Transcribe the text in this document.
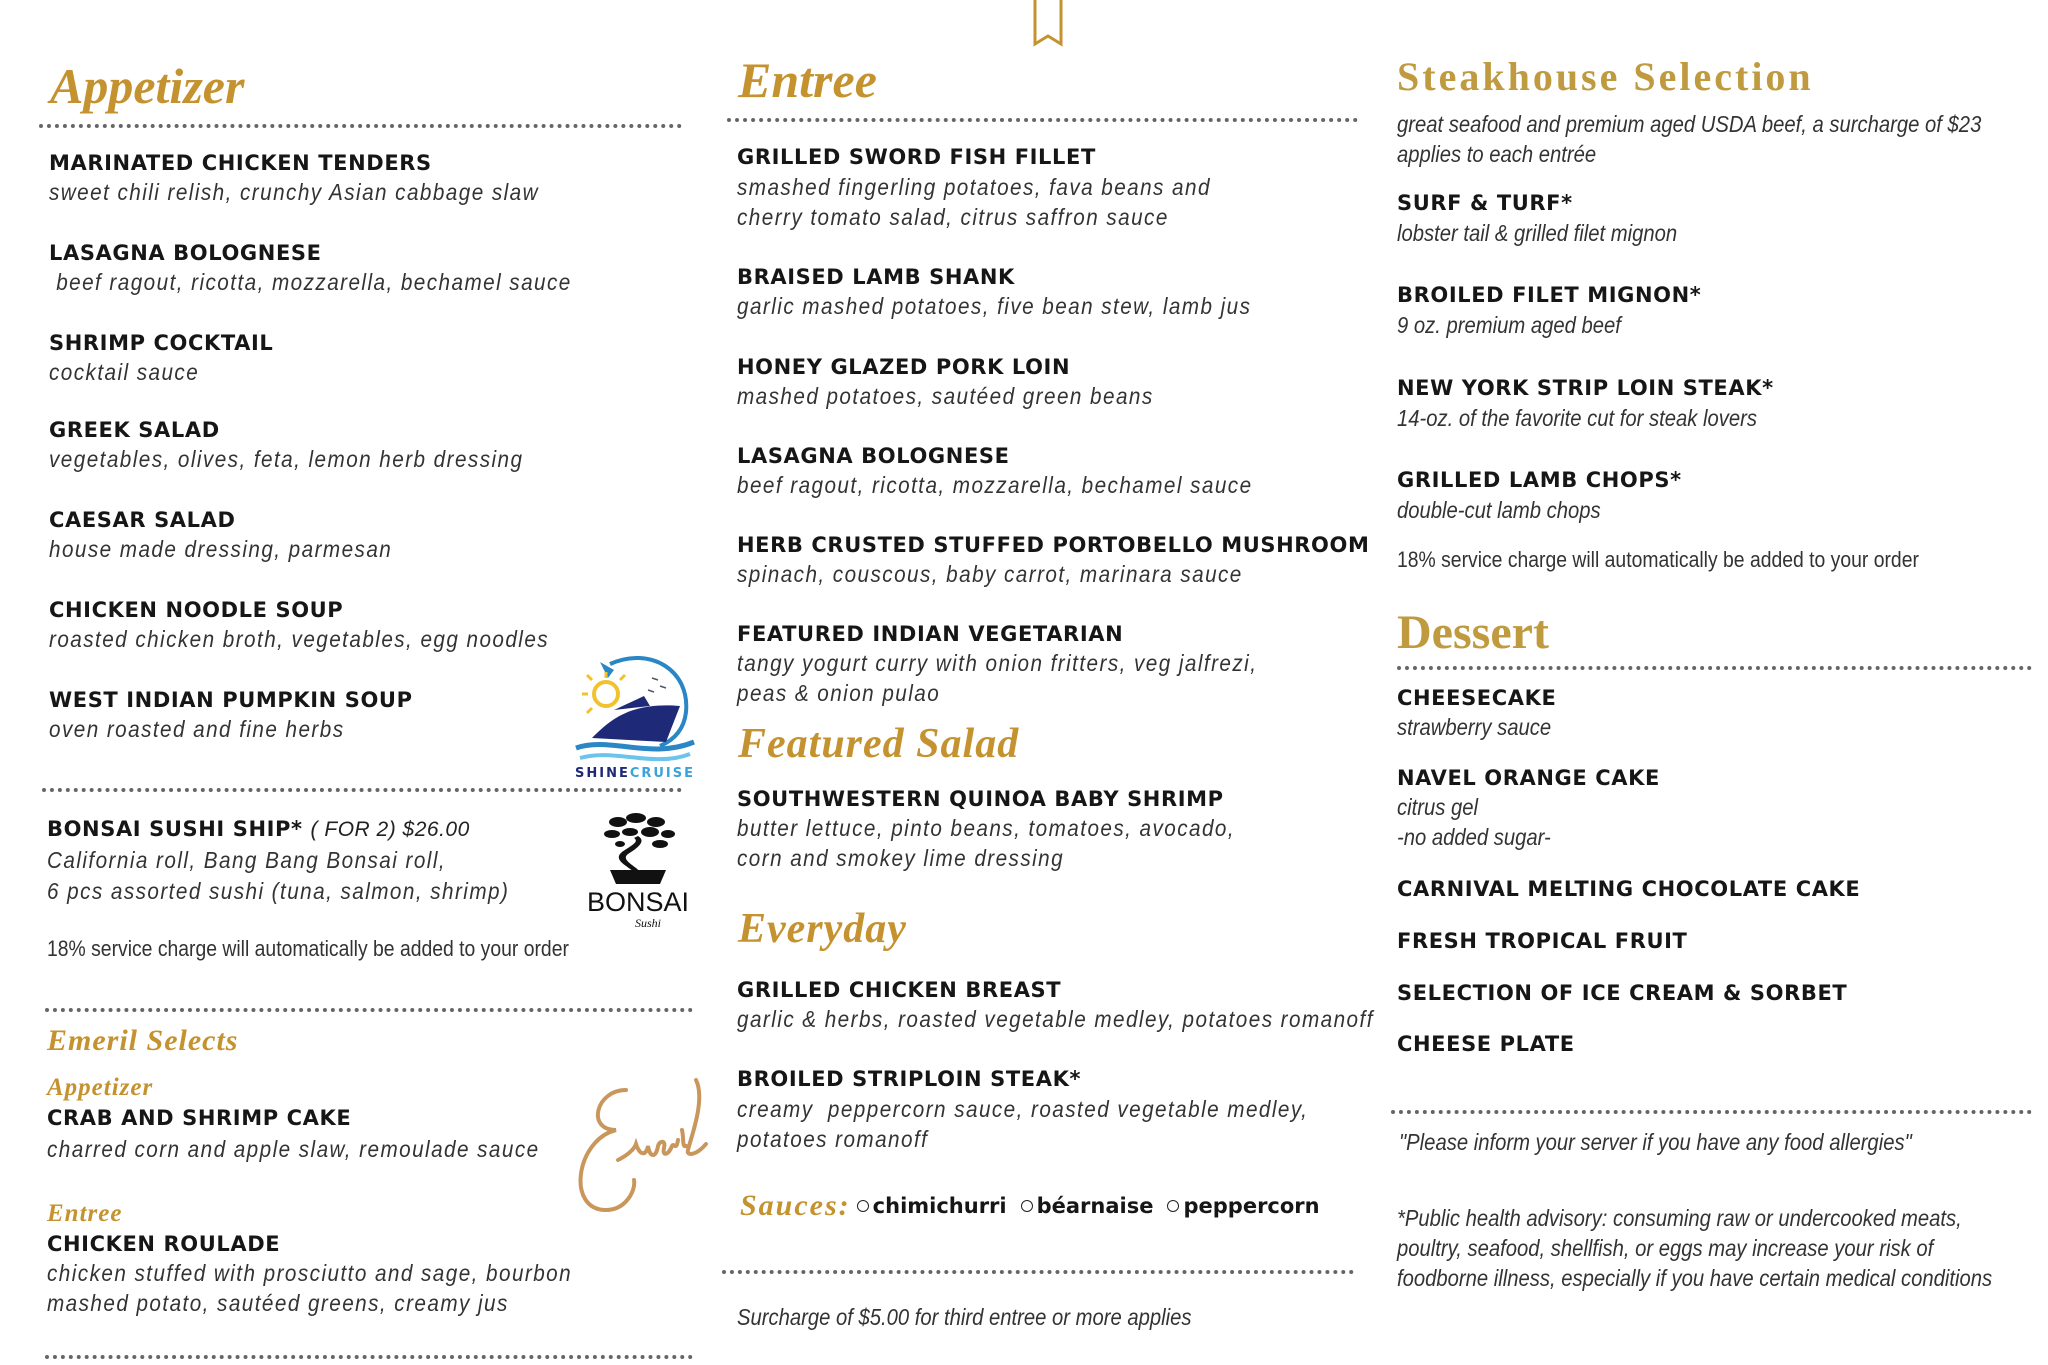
Appetizer
MARINATED CHICKEN TENDERS
sweet chili relish, crunchy Asian cabbage slaw
LASAGNA BOLOGNESE
beef ragout, ricotta, mozzarella, bechamel sauce
SHRIMP COCKTAIL
cocktail sauce
GREEK SALAD
vegetables, olives, feta, lemon herb dressing
CAESAR SALAD
house made dressing, parmesan
CHICKEN NOODLE SOUP
roasted chicken broth, vegetables, egg noodles
WEST INDIAN PUMPKIN SOUP
oven roasted and fine herbs
SHINECRUISE
BONSAI SUSHI SHIP* ( FOR 2) $26.00
California roll, Bang Bang Bonsai roll,
6 pcs assorted sushi (tuna, salmon, shrimp)
18% service charge will automatically be added to your order
BONSAI
Sushi
Emeril Selects
Appetizer
CRAB AND SHRIMP CAKE
charred corn and apple slaw, remoulade sauce
Entree
CHICKEN ROULADE
chicken stuffed with prosciutto and sage, bourbon
mashed potato, sautéed greens, creamy jus
Entree
GRILLED SWORD FISH FILLET
smashed fingerling potatoes, fava beans and
cherry tomato salad, citrus saffron sauce
BRAISED LAMB SHANK
garlic mashed potatoes, five bean stew, lamb jus
HONEY GLAZED PORK LOIN
mashed potatoes, sautéed green beans
LASAGNA BOLOGNESE
beef ragout, ricotta, mozzarella, bechamel sauce
HERB CRUSTED STUFFED PORTOBELLO MUSHROOM
spinach, couscous, baby carrot, marinara sauce
FEATURED INDIAN VEGETARIAN
tangy yogurt curry with onion fritters, veg jalfrezi,
peas & onion pulao
Featured Salad
SOUTHWESTERN QUINOA BABY SHRIMP
butter lettuce, pinto beans, tomatoes, avocado,
corn and smokey lime dressing
Everyday
GRILLED CHICKEN BREAST
garlic & herbs, roasted vegetable medley, potatoes romanoff
BROILED STRIPLOIN STEAK*
creamy  peppercorn sauce, roasted vegetable medley,
potatoes romanoff
Sauces: chimichurri béarnaise peppercorn
Surcharge of $5.00 for third entree or more applies
Steakhouse Selection
great seafood and premium aged USDA beef, a surcharge of $23
applies to each entrée
SURF & TURF*
lobster tail & grilled filet mignon
BROILED FILET MIGNON*
9 oz. premium aged beef
NEW YORK STRIP LOIN STEAK*
14-oz. of the favorite cut for steak lovers
GRILLED LAMB CHOPS*
double-cut lamb chops
18% service charge will automatically be added to your order
Dessert
CHEESECAKE
strawberry sauce
NAVEL ORANGE CAKE
citrus gel
-no added sugar-
CARNIVAL MELTING CHOCOLATE CAKE
FRESH TROPICAL FRUIT
SELECTION OF ICE CREAM & SORBET
CHEESE PLATE
"Please inform your server if you have any food allergies"
*Public health advisory: consuming raw or undercooked meats,
poultry, seafood, shellfish, or eggs may increase your risk of
foodborne illness, especially if you have certain medical conditions
